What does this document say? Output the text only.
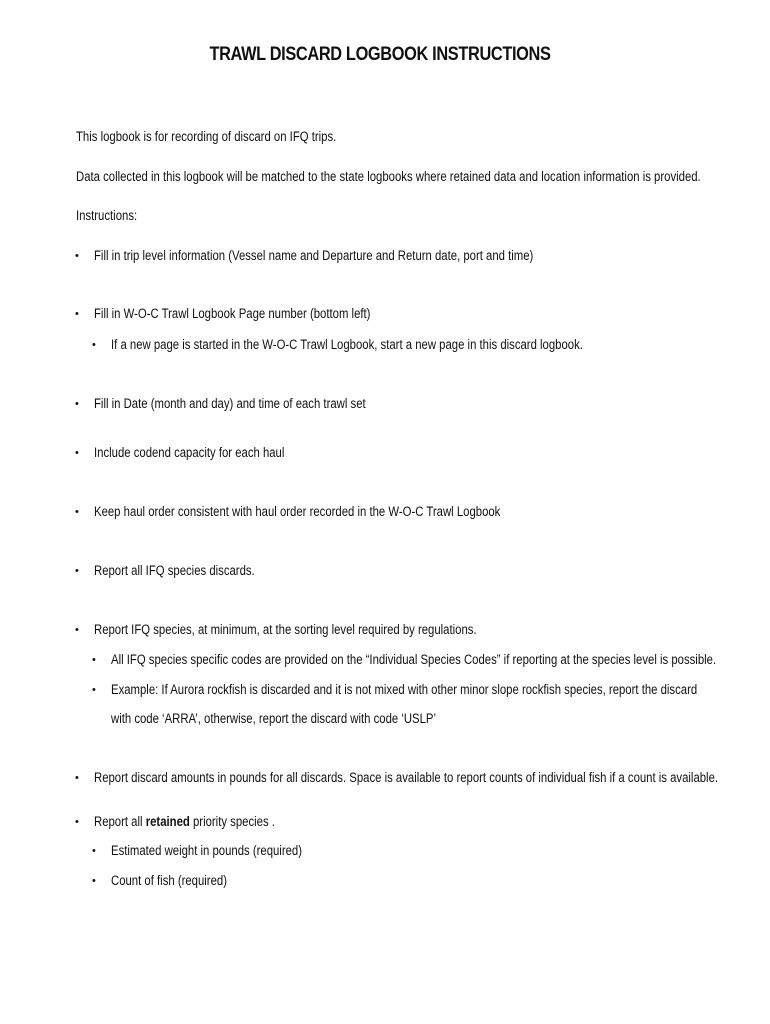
TRAWL DISCARD LOGBOOK INSTRUCTIONS
This logbook is for recording of discard on IFQ trips.
Data collected in this logbook will be matched to the state logbooks where retained data and location information is provided.
Instructions:
• Fill in trip level information (Vessel name and Departure and Return date, port and time)
• Fill in W-O-C Trawl Logbook Page number (bottom left)
• If a new page is started in the W-O-C Trawl Logbook, start a new page in this discard logbook.
• Fill in Date (month and day) and time of each trawl set
• Include codend capacity for each haul
• Keep haul order consistent with haul order recorded in the W-O-C Trawl Logbook
• Report all IFQ species discards.
• Report IFQ species, at minimum, at the sorting level required by regulations.
• All IFQ species specific codes are provided on the “Individual Species Codes” if reporting at the species level is possible.
• Example: If Aurora rockfish is discarded and it is not mixed with other minor slope rockfish species, report the discard
with code ‘ARRA’, otherwise, report the discard with code ‘USLP’
• Report discard amounts in pounds for all discards. Space is available to report counts of individual fish if a count is available.
• Report all retained priority species .
• Estimated weight in pounds (required)
• Count of fish (required)
